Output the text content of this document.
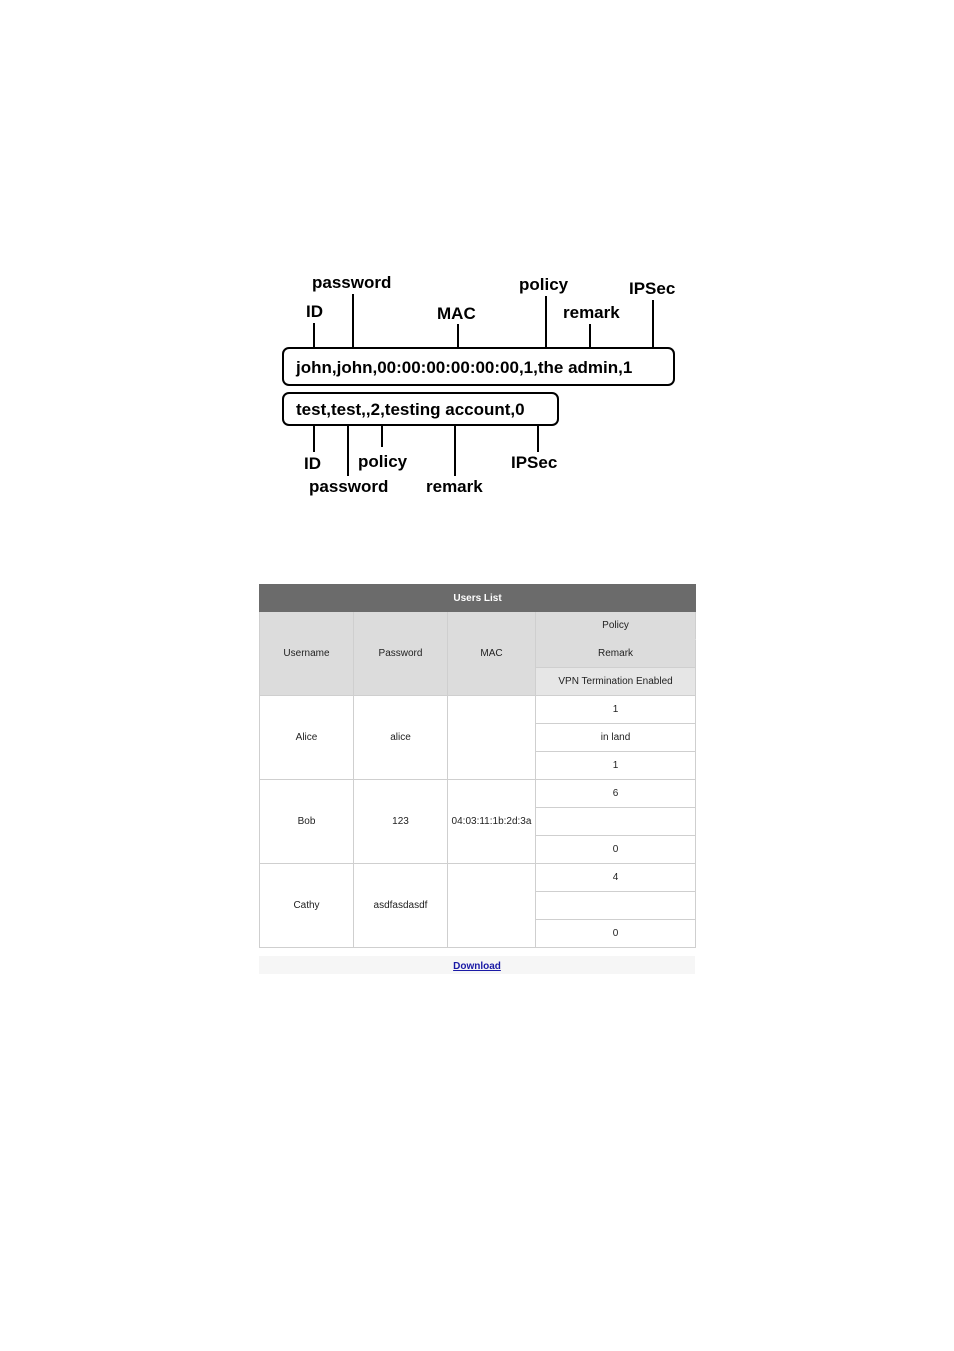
password
ID	MAC
policy
remark
IPSec
john,john,00:00:00:00:00:00,1,the admin,1
test,test,,2,testing account,0
ID policy	IPSec
password remark
Users List			
Username	Password	MAC	Policy
			Remark
			VPN Termination Enabled
Alice	alice		1
			in land
			1
Bob	123	04:03:11:1b:2d:3a	6

			0
Cathy	asdfasdasdf		4

			0
Download
